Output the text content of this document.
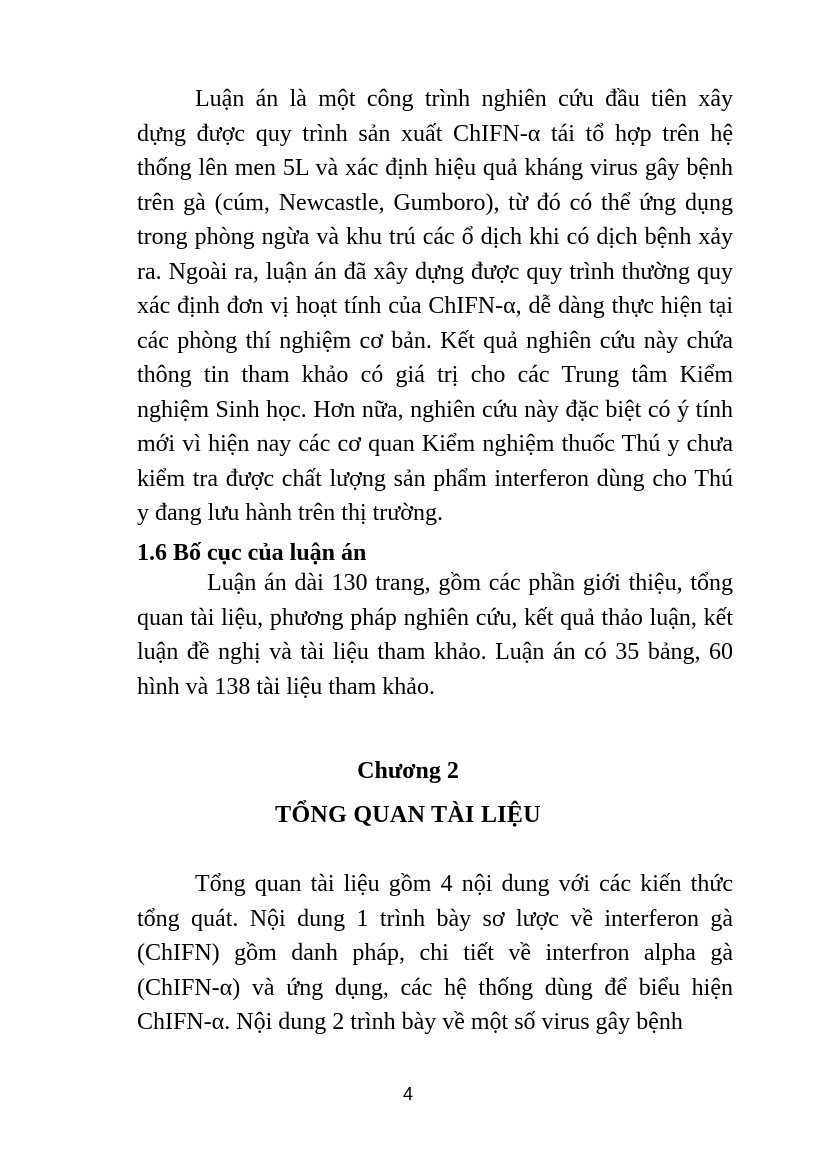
Luận án là một công trình nghiên cứu đầu tiên xây dựng được quy trình sản xuất ChIFN-α tái tổ hợp trên hệ thống lên men 5L và xác định hiệu quả kháng virus gây bệnh trên gà (cúm, Newcastle, Gumboro), từ đó có thể ứng dụng trong phòng ngừa và khu trú các ổ dịch khi có dịch bệnh xảy ra. Ngoài ra, luận án đã xây dựng được quy trình thường quy xác định đơn vị hoạt tính của ChIFN-α, dễ dàng thực hiện tại các phòng thí nghiệm cơ bản. Kết quả nghiên cứu này chứa thông tin tham khảo có giá trị cho các Trung tâm Kiểm nghiệm Sinh học. Hơn nữa, nghiên cứu này đặc biệt có ý tính mới vì hiện nay các cơ quan Kiểm nghiệm thuốc Thú y chưa kiểm tra được chất lượng sản phẩm interferon dùng cho Thú y đang lưu hành trên thị trường.

1.6 Bố cục của luận án

Luận án dài 130 trang, gồm các phần giới thiệu, tổng quan tài liệu, phương pháp nghiên cứu, kết quả thảo luận, kết luận đề nghị và tài liệu tham khảo. Luận án có 35 bảng, 60 hình và 138 tài liệu tham khảo.

Chương 2
TỔNG QUAN TÀI LIỆU

Tổng quan tài liệu gồm 4 nội dung với các kiến thức tổng quát. Nội dung 1 trình bày sơ lược về interferon gà (ChIFN) gồm danh pháp, chi tiết về interfron alpha gà (ChIFN-α) và ứng dụng, các hệ thống dùng để biểu hiện ChIFN-α. Nội dung 2 trình bày về một số virus gây bệnh

4
